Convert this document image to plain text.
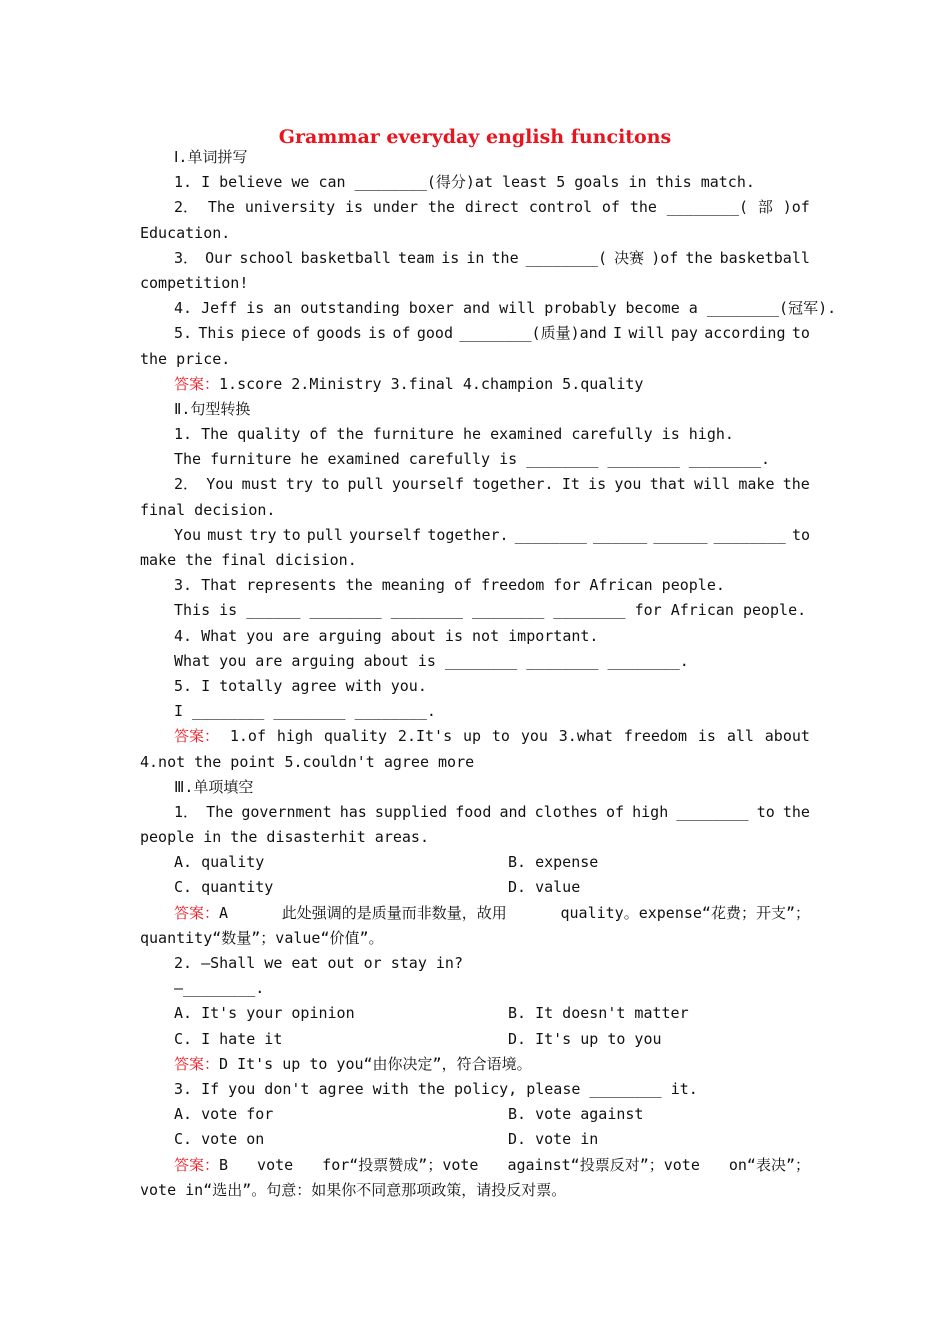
Grammar everyday english funcitons
Ⅰ.单词拼写
1. I believe we can ________(得分)at least 5 goals in this match.
2． The university is under the direct control of the ________( 部 )of
Education.
3． Our school basketball team is in the ________( 决赛 )of the basketball
competition!
4. Jeff is an outstanding boxer and will probably become a ________(冠军).
5. This piece of goods is of good ________(质量)and I will pay according to
the price.
答案：1.score 2.Ministry 3.final 4.champion 5.quality
Ⅱ.句型转换
1. The quality of the furniture he examined carefully is high.
The furniture he examined carefully is ________ ________ ________.
2． You must try to pull yourself together. It is you that will make the
final decision.
You must try to pull yourself together. ________ ______ ______ ________ to
make the final dicision.
3. That represents the meaning of freedom for African people.
This is ______ ________ ________ ________ ________ for African people.
4. What you are arguing about is not important.
What you are arguing about is ________ ________ ________.
5. I totally agree with you.
I ________ ________ ________.
答案： 1.of high quality 2.It's up to you 3.what freedom is all about
4.not the point 5.couldn't agree more
Ⅲ.单项填空
1． The government has supplied food and clothes of high ________ to the
people in the disasterhit areas.
A. quality	B. expense
C. quantity	D. value
答案：A	此处强调的是质量而非数量，故用	quality。expense“花费；开支”；
quantity“数量”；value“价值”。
2. —Shall we eat out or stay in?
—________.
A. It's your opinion	B. It doesn't matter
C. I hate it	D. It's up to you
答案：D It's up to you“由你决定”，符合语境。
3. If you don't agree with the policy, please ________ it.
A. vote for	B. vote against
C. vote on	D. vote in
答案：B vote for“投票赞成”；vote against“投票反对”；vote on“表决”；
vote in“选出”。句意：如果你不同意那项政策，请投反对票。
